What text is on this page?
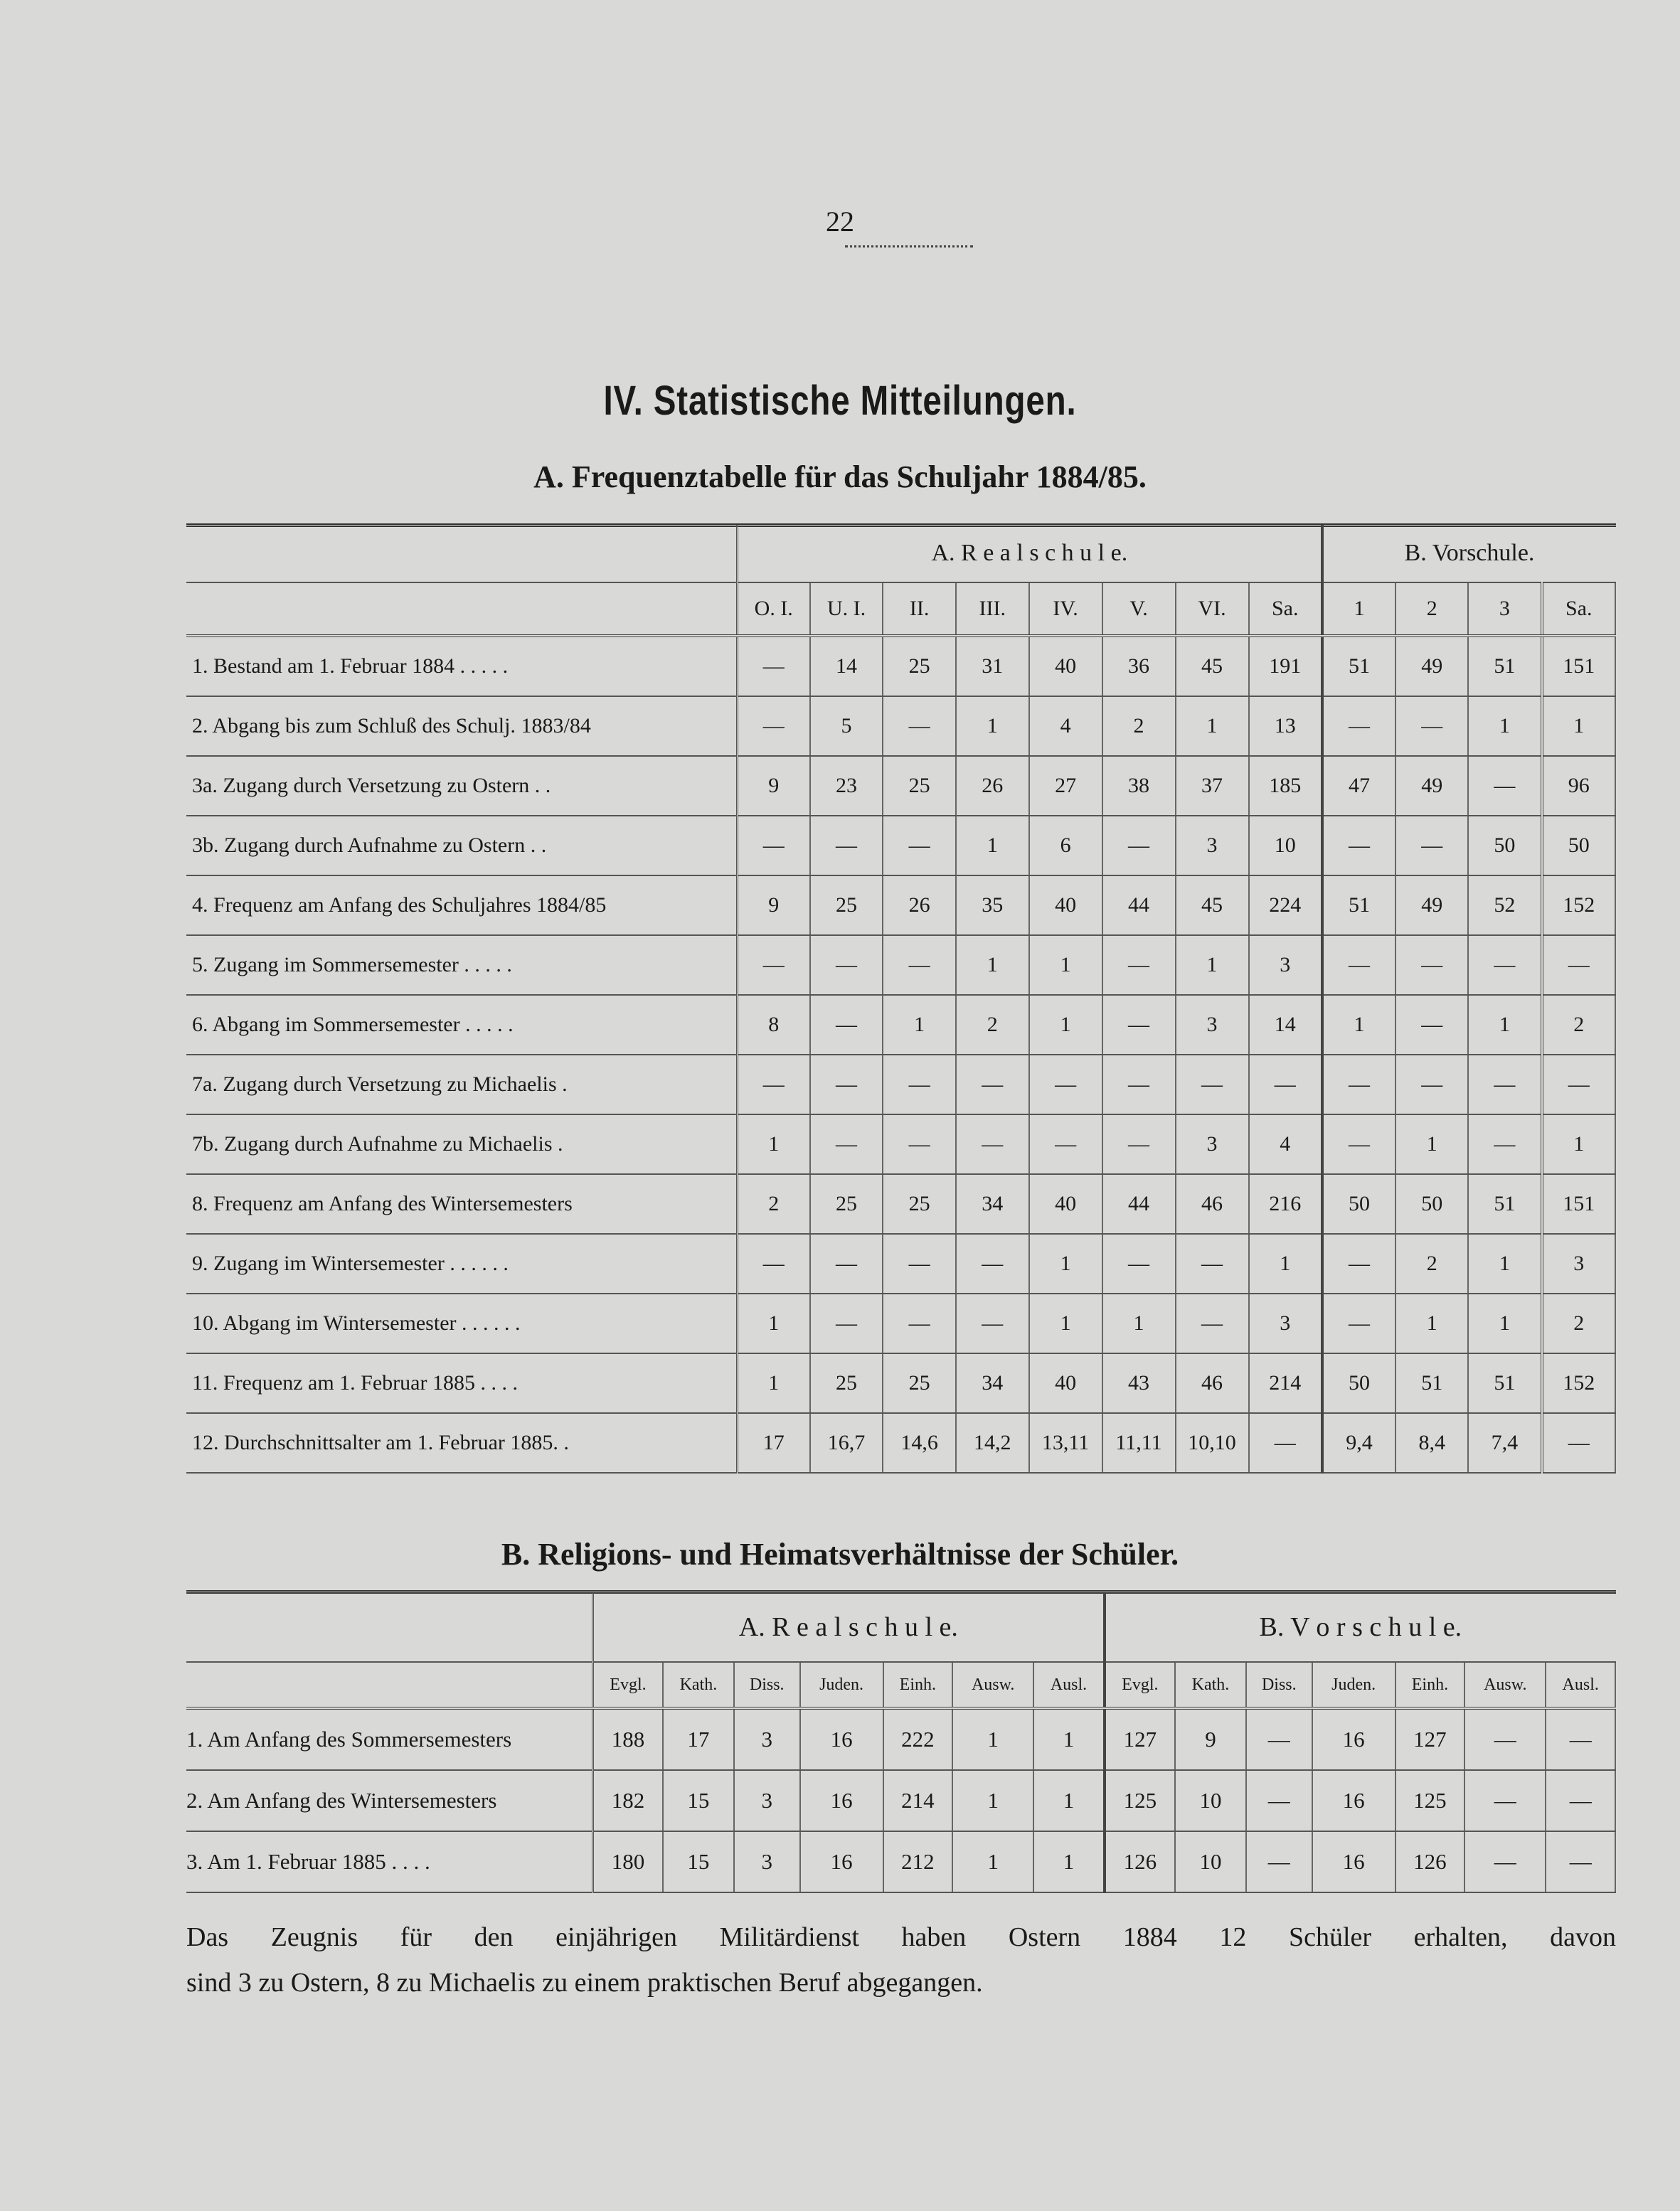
22
IV. Statistische Mitteilungen.
A. Frequenztabelle für das Schuljahr 1884/85.
	A. R e a l s c h u l e.								B. Vorschule.			
	O. I.	U. I.	II.	III.	IV.	V.	VI.	Sa.	1	2	3	Sa.
1. Bestand am 1. Februar 1884 . . . . .	—	14	25	31	40	36	45	191	51	49	51	151
2. Abgang bis zum Schluß des Schulj. 1883/84	—	5	—	1	4	2	1	13	—	—	1	1
3a. Zugang durch Versetzung zu Ostern . .	9	23	25	26	27	38	37	185	47	49	—	96
3b. Zugang durch Aufnahme zu Ostern . .	—	—	—	1	6	—	3	10	—	—	50	50
4. Frequenz am Anfang des Schuljahres 1884/85	9	25	26	35	40	44	45	224	51	49	52	152
5. Zugang im Sommersemester . . . . .	—	—	—	1	1	—	1	3	—	—	—	—
6. Abgang im Sommersemester . . . . .	8	—	1	2	1	—	3	14	1	—	1	2
7a. Zugang durch Versetzung zu Michaelis .	—	—	—	—	—	—	—	—	—	—	—	—
7b. Zugang durch Aufnahme zu Michaelis .	1	—	—	—	—	—	3	4	—	1	—	1
8. Frequenz am Anfang des Wintersemesters	2	25	25	34	40	44	46	216	50	50	51	151
9. Zugang im Wintersemester . . . . . .	—	—	—	—	1	—	—	1	—	2	1	3
10. Abgang im Wintersemester . . . . . .	1	—	—	—	1	1	—	3	—	1	1	2
11. Frequenz am 1. Februar 1885 . . . .	1	25	25	34	40	43	46	214	50	51	51	152
12. Durchschnittsalter am 1. Februar 1885. .	17	16,7	14,6	14,2	13,11	11,11	10,10	—	9,4	8,4	7,4	—
B. Religions- und Heimatsverhältnisse der Schüler.
	A. R e a l s c h u l e.							B. V o r s c h u l e.						
	Evgl.	Kath.	Diss.	Juden.	Einh.	Ausw.	Ausl.	Evgl.	Kath.	Diss.	Juden.	Einh.	Ausw.	Ausl.
1. Am Anfang des Sommersemesters	188	17	3	16	222	1	1	127	9	—	16	127	—	—
2. Am Anfang des Wintersemesters	182	15	3	16	214	1	1	125	10	—	16	125	—	—
3. Am 1. Februar 1885 . . . .	180	15	3	16	212	1	1	126	10	—	16	126	—	—
Das Zeugnis für den einjährigen Militärdienst haben Ostern 1884 12 Schüler erhalten, davon
sind 3 zu Ostern, 8 zu Michaelis zu einem praktischen Beruf abgegangen.
